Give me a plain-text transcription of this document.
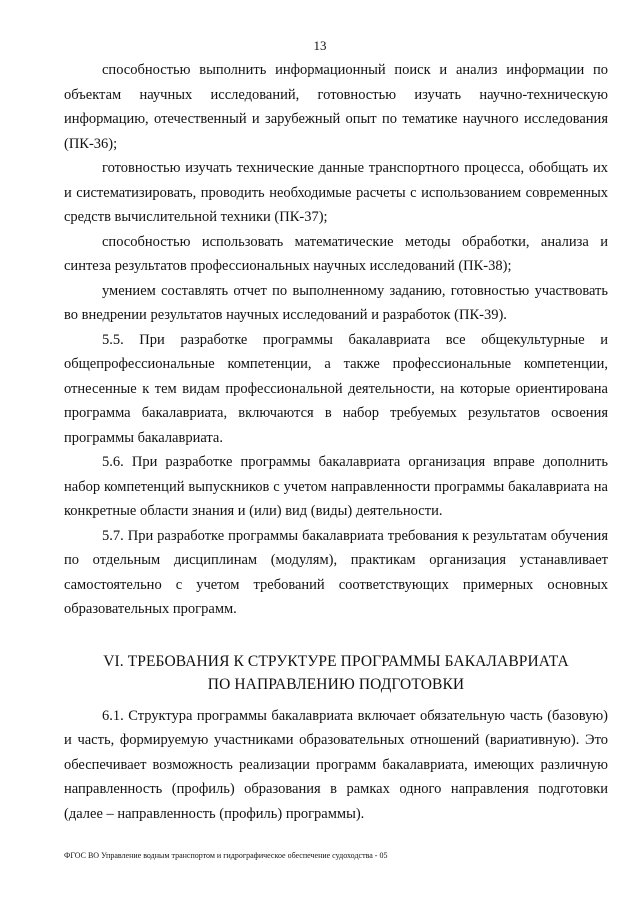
13

способностью выполнить информационный поиск и анализ информации по объектам научных исследований, готовностью изучать научно-техническую информацию, отечественный и зарубежный опыт по тематике научного исследования (ПК-36);

готовностью изучать технические данные транспортного процесса, обобщать их и систематизировать, проводить необходимые расчеты с использованием современных средств вычислительной техники (ПК-37);

способностью использовать математические методы обработки, анализа и синтеза результатов профессиональных научных исследований (ПК-38);

умением составлять отчет по выполненному заданию, готовностью участвовать во внедрении результатов научных исследований и разработок (ПК-39).

5.5. При разработке программы бакалавриата все общекультурные и общепрофессиональные компетенции, а также профессиональные компетенции, отнесенные к тем видам профессиональной деятельности, на которые ориентирована программа бакалавриата, включаются в набор требуемых результатов освоения программы бакалавриата.

5.6. При разработке программы бакалавриата организация вправе дополнить набор компетенций выпускников с учетом направленности программы бакалавриата на конкретные области знания и (или) вид (виды) деятельности.

5.7. При разработке программы бакалавриата требования к результатам обучения по отдельным дисциплинам (модулям), практикам организация устанавливает самостоятельно с учетом требований соответствующих примерных основных образовательных программ.

VI. ТРЕБОВАНИЯ К СТРУКТУРЕ ПРОГРАММЫ БАКАЛАВРИАТА
ПО НАПРАВЛЕНИЮ ПОДГОТОВКИ

6.1. Структура программы бакалавриата включает обязательную часть (базовую) и часть, формируемую участниками образовательных отношений (вариативную). Это обеспечивает возможность реализации программ бакалавриата, имеющих различную направленность (профиль) образования в рамках одного направления подготовки (далее – направленность (профиль) программы).

ФГОС ВО Управление водным транспортом и гидрографическое обеспечение судоходства - 05
